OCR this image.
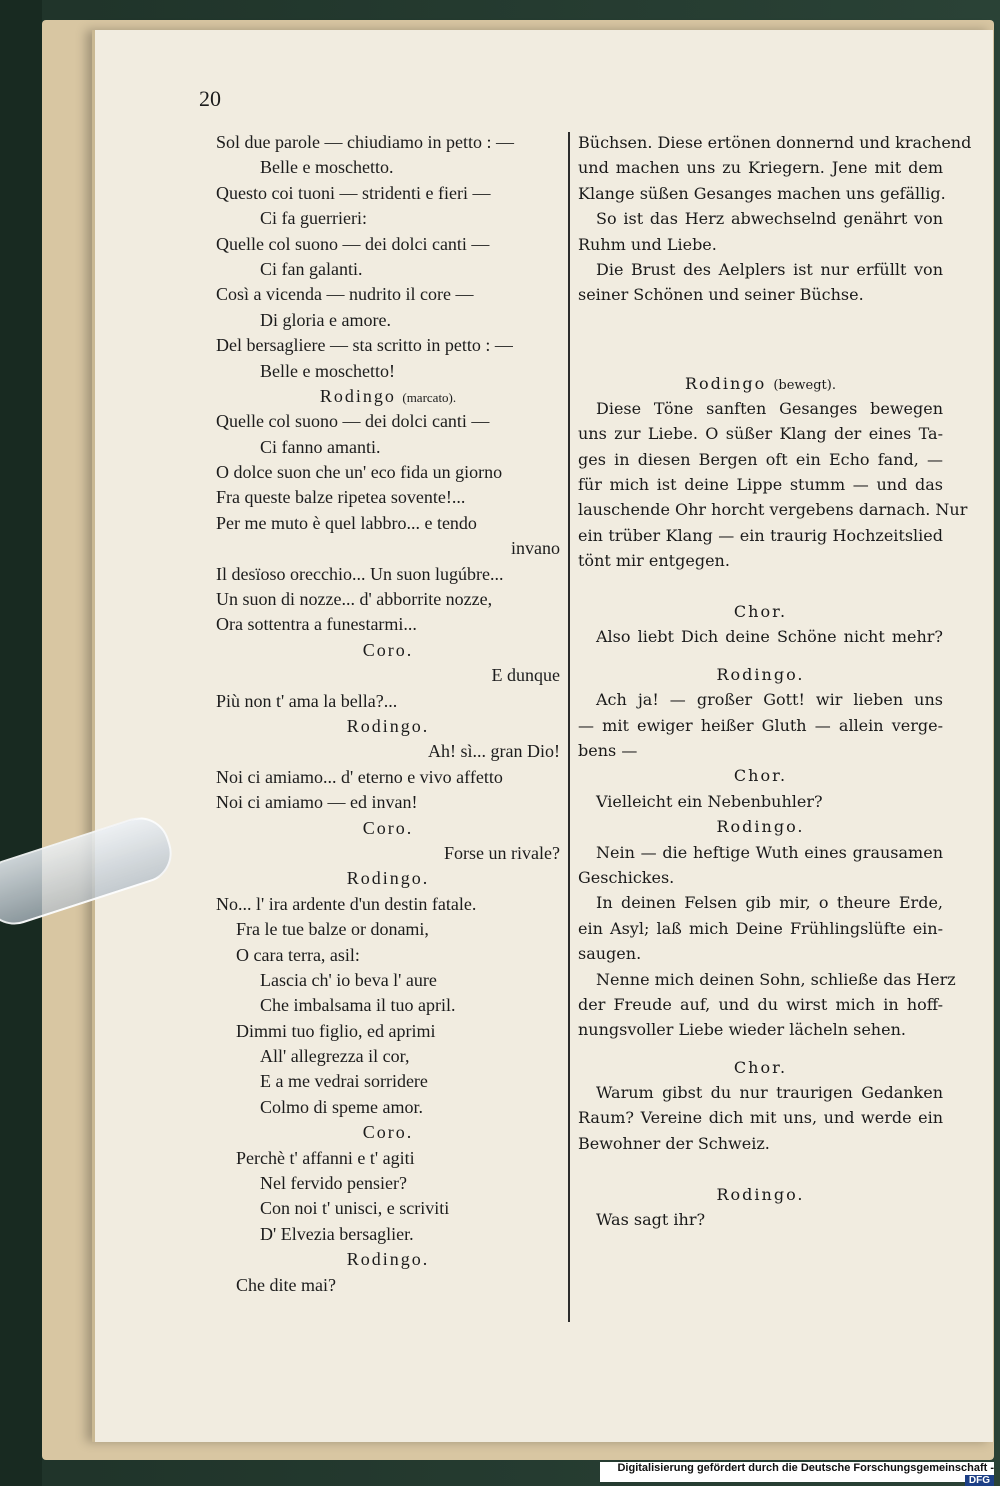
20
Sol due parole — chiudiamo in petto : —
Belle e moschetto.
Questo coi tuoni — stridenti e fieri —
Ci fa guerrieri:
Quelle col suono — dei dolci canti —
Ci fan galanti.
Così a vicenda — nudrito il core —
Di gloria e amore.
Del bersagliere — sta scritto in petto : —
Belle e moschetto!
Rodingo (marcato).
Quelle col suono — dei dolci canti —
Ci fanno amanti.
O dolce suon che un' eco fida un giorno
Fra queste balze ripetea sovente!...
Per me muto è quel labbro... e tendo
invano
Il desïoso orecchio... Un suon lugúbre...
Un suon di nozze... d' abborrite nozze,
Ora sottentra a funestarmi...
Coro.
E dunque
Più non t' ama la bella?...
Rodingo.
Ah! sì... gran Dio!
Noi ci amiamo... d' eterno e vivo affetto
Noi ci amiamo — ed invan!
Coro.
Forse un rivale?
Rodingo.
No... l' ira ardente d'un destin fatale.
Fra le tue balze or donami,
O cara terra, asil:
Lascia ch' io beva l' aure
Che imbalsama il tuo april.
Dimmi tuo figlio, ed aprimi
All' allegrezza il cor,
E a me vedrai sorridere
Colmo di speme amor.
Coro.
Perchè t' affanni e t' agiti
Nel fervido pensier?
Con noi t' unisci, e scriviti
D' Elvezia bersaglier.
Rodingo.
Che dite mai?
Büchsen. Diese ertönen donnernd und krachend
und machen uns zu Kriegern. Jene mit dem
Klange süßen Gesanges machen uns gefällig.
So ist das Herz abwechselnd genährt von
Ruhm und Liebe.
Die Brust des Aelplers ist nur erfüllt von
seiner Schönen und seiner Büchse.
Rodingo (bewegt).
Diese Töne sanften Gesanges bewegen
uns zur Liebe. O süßer Klang der eines Ta-
ges in diesen Bergen oft ein Echo fand, —
für mich ist deine Lippe stumm — und das
lauschende Ohr horcht vergebens darnach. Nur
ein trüber Klang — ein traurig Hochzeitslied
tönt mir entgegen.
Chor.
Also liebt Dich deine Schöne nicht mehr?
Rodingo.
Ach ja! — großer Gott! wir lieben uns
— mit ewiger heißer Gluth — allein verge-
bens —
Chor.
Vielleicht ein Nebenbuhler?
Rodingo.
Nein — die heftige Wuth eines grausamen
Geschickes.
In deinen Felsen gib mir, o theure Erde,
ein Asyl; laß mich Deine Frühlingslüfte ein-
saugen.
Nenne mich deinen Sohn, schließe das Herz
der Freude auf, und du wirst mich in hoff-
nungsvoller Liebe wieder lächeln sehen.
Chor.
Warum gibst du nur traurigen Gedanken
Raum? Vereine dich mit uns, und werde ein
Bewohner der Schweiz.
Rodingo.
Was sagt ihr?
Digitalisierung gefördert durch die Deutsche Forschungsgemeinschaft -DFG
